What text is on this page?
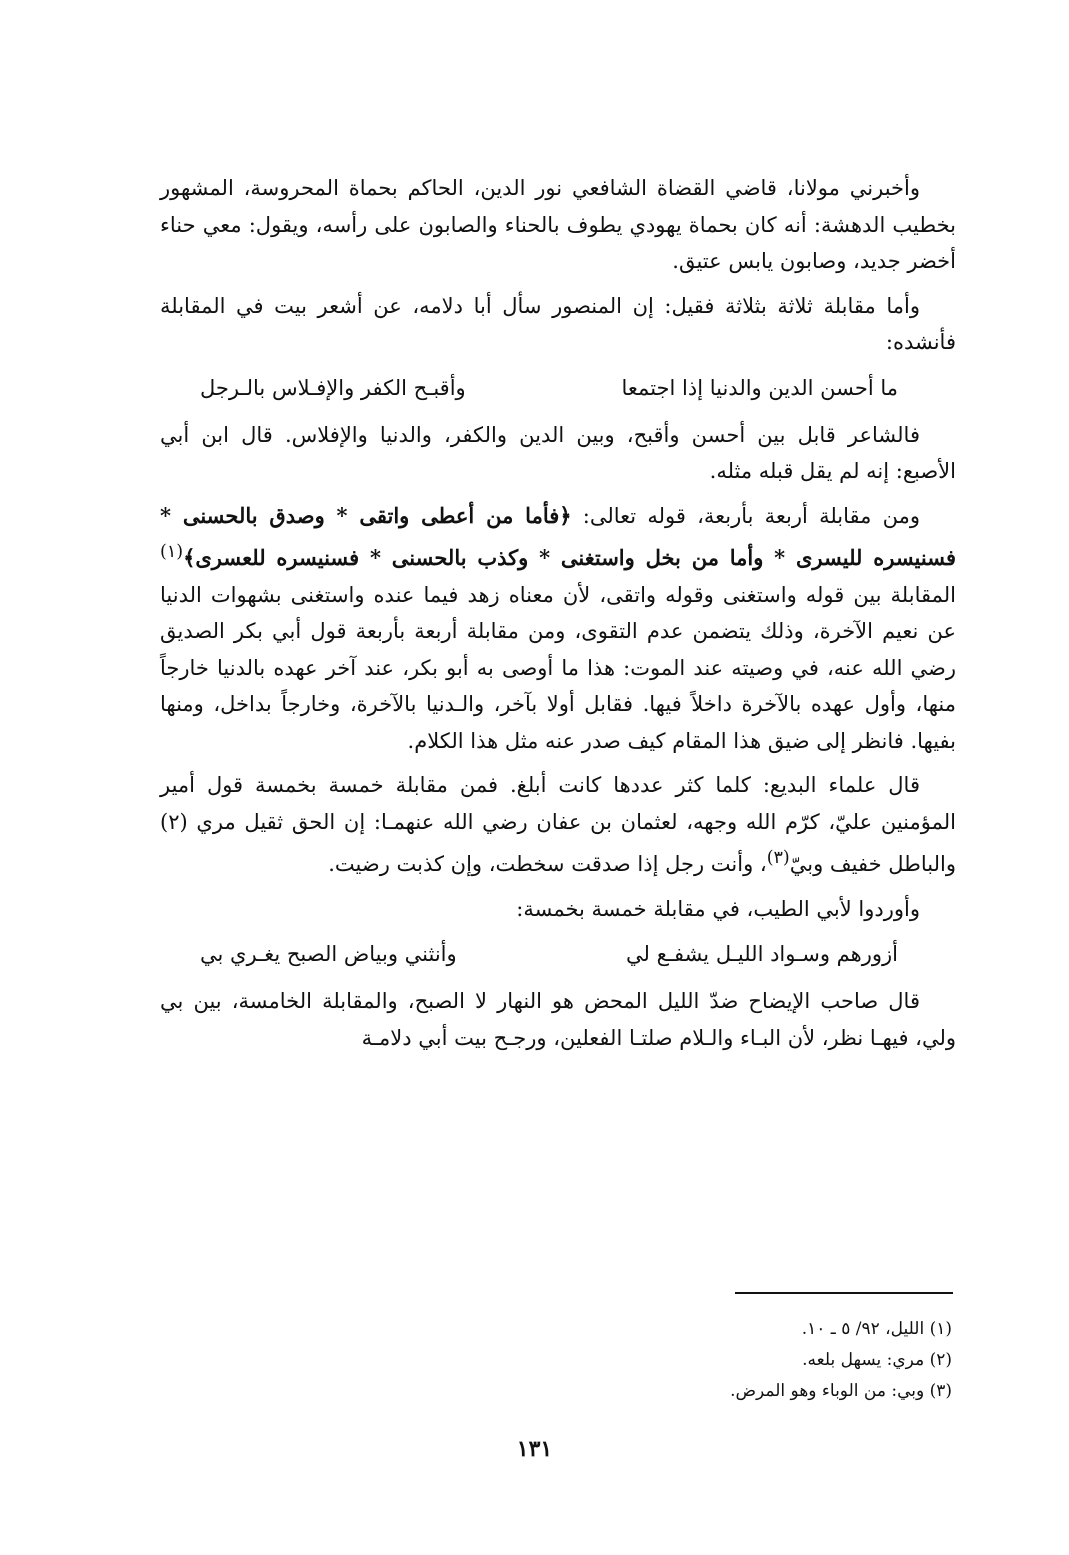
وأخبرني مولانا، قاضي القضاة الشافعي نور الدين، الحاكم بحماة المحروسة، المشهور بخطيب الدهشة: أنه كان بحماة يهودي يطوف بالحناء والصابون على رأسه، ويقول: معي حناء أخضر جديد، وصابون يابس عتيق.

وأما مقابلة ثلاثة بثلاثة فقيل: إن المنصور سأل أبا دلامه، عن أشعر بيت في المقابلة فأنشده:

ما أحسن الدين والدنيا إذا اجتمعا
وأقبـح الكفر والإفـلاس بالـرجل

فالشاعر قابل بين أحسن وأقبح، وبين الدين والكفر، والدنيا والإفلاس. قال ابن أبي الأصبع: إنه لم يقل قبله مثله.

ومن مقابلة أربعة بأربعة، قوله تعالى: ﴿فأما من أعطى واتقى * وصدق بالحسنى * فسنيسره لليسرى * وأما من بخل واستغنى * وكذب بالحسنى * فسنيسره للعسرى﴾$^{(١)}$ المقابلة بين قوله واستغنى وقوله واتقى، لأن معناه زهد فيما عنده واستغنى بشهوات الدنيا عن نعيم الآخرة، وذلك يتضمن عدم التقوى، ومن مقابلة أربعة بأربعة قول أبي بكر الصديق رضي الله عنه، في وصيته عند الموت: هذا ما أوصى به أبو بكر، عند آخر عهده بالدنيا خارجاً منها، وأول عهده بالآخرة داخلاً فيها. فقابل أولا بآخر، والـدنيا بالآخرة، وخارجاً بداخل، ومنها بفيها. فانظر إلى ضيق هذا المقام كيف صدر عنه مثل هذا الكلام.

قال علماء البديع: كلما كثر عددها كانت أبلغ. فمن مقابلة خمسة بخمسة قول أمير المؤمنين عليّ، كرّم الله وجهه، لعثمان بن عفان رضي الله عنهمـا: إن الحق ثقيل مري (٢) والباطل خفيف وبيّ$^{(٣)}$، وأنت رجل إذا صدقت سخطت، وإن كذبت رضيت.

وأوردوا لأبي الطيب، في مقابلة خمسة بخمسة:

أزورهم وسـواد الليـل يشفـع لي
وأنثني وبياض الصبح يغـري بي

قال صاحب الإيضاح ضدّ الليل المحض هو النهار لا الصبح، والمقابلة الخامسة، بين بي ولي، فيهـا نظر، لأن البـاء والـلام صلتـا الفعلين، ورجـح بيت أبي دلامـة

(١) الليل، ٩٢/ ٥ ـ ١٠.
(٢) مري: يسهل بلعه.
(٣) وبي: من الوباء وهو المرض.
١٣١
